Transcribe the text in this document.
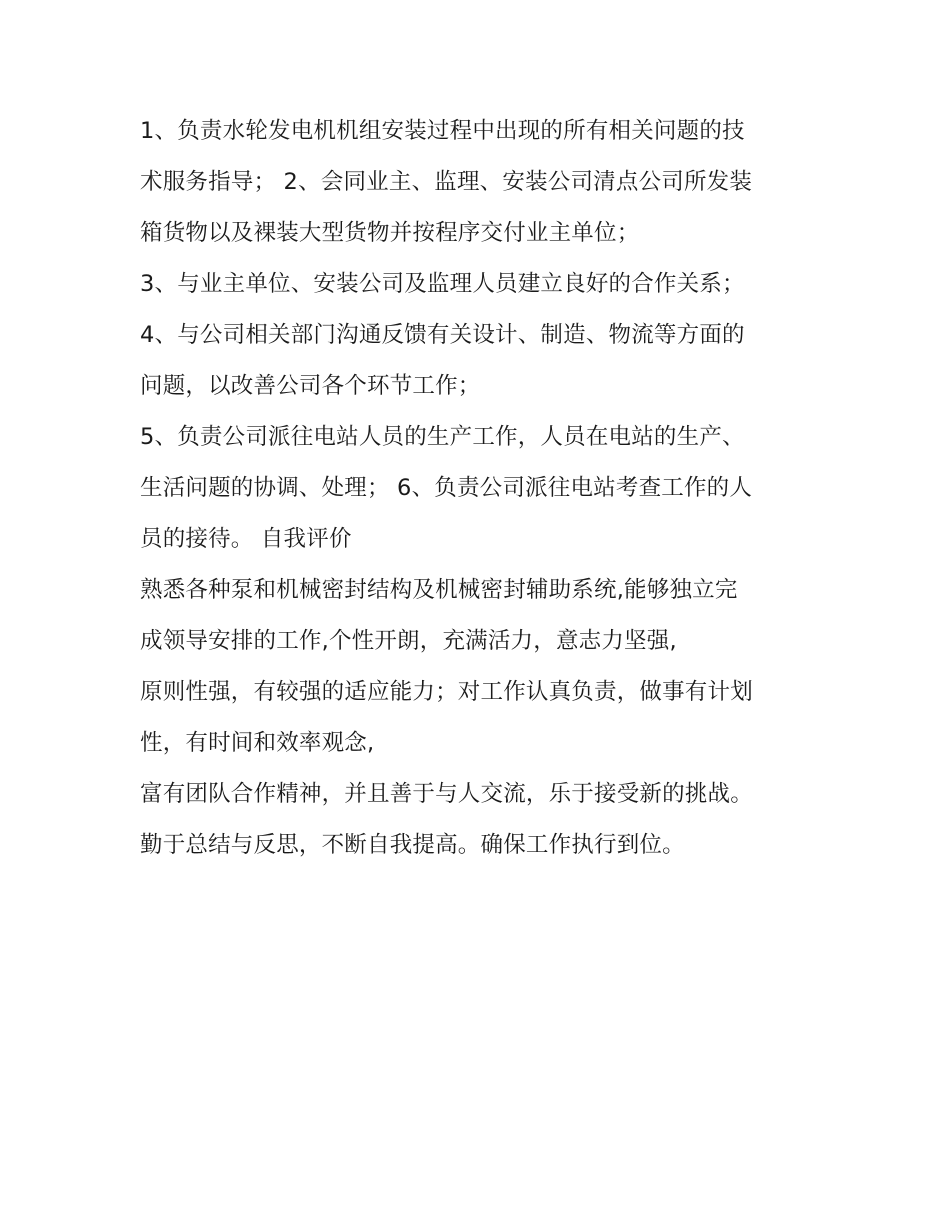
1、负责水轮发电机机组安装过程中出现的所有相关问题的技
术服务指导； 2、会同业主、监理、安装公司清点公司所发装
箱货物以及裸装大型货物并按程序交付业主单位；
3、与业主单位、安装公司及监理人员建立良好的合作关系；
4、与公司相关部门沟通反馈有关设计、制造、物流等方面的
问题，以改善公司各个环节工作；
5、负责公司派往电站人员的生产工作，人员在电站的生产、
生活问题的协调、处理； 6、负责公司派往电站考查工作的人
员的接待。 自我评价
熟悉各种泵和机械密封结构及机械密封辅助系统,能够独立完
成领导安排的工作,个性开朗，充满活力，意志力坚强,
原则性强，有较强的适应能力；对工作认真负责，做事有计划
性，有时间和效率观念,
富有团队合作精神，并且善于与人交流，乐于接受新的挑战。
勤于总结与反思，不断自我提高。确保工作执行到位。
